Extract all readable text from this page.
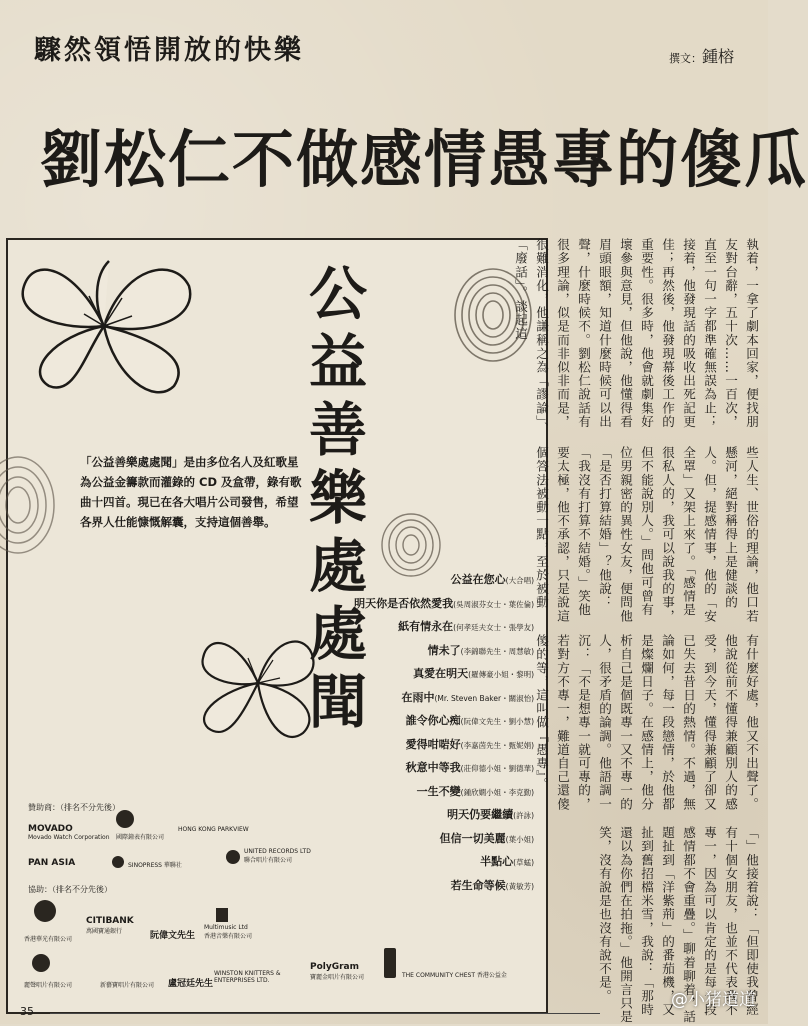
驟然領悟開放的快樂	撰文：鍾榕
劉松仁不做感情愚專的傻瓜
公
益
善
樂
處
處
聞
「公益善樂處處聞」是由多位名人及紅歌星為公益金籌款而灌錄的 CD 及盒帶，錄有歌曲十四首。現已在各大唱片公司發售，希望各界人仕能慷慨解囊，支持這個善舉。
公益在您心(大合唱)
明天你是否依然愛我(吳周淑芬女士・葉佐倫)
紙有情永在(何孝廷夫女士・張學友)
情未了(李錦聯先生・周慧敏)
真愛在明天(羅傳豪小姐・黎明)
在雨中(Mr. Steven Baker・關淑怡)
誰令你心痴(阮偉文先生・劉小慧)
愛得咁啱好(李嘉茵先生・甄妮娟)
秋意中等我(莊仰德小姐・劉德華)
一生不變(鍾欣嫺小姐・李克勤)
明天仍要繼續(許詠)
但信一切美麗(葉小姐)
半點心(草蜢)
若生命等候(黃敏芳)
贊助商：（排名不分先後）
MOVADO
Movado Watch Corporation 國際鐘表有限公司
HONG KONG PARKVIEW
PAN ASIA	SINOPRESS 華聯社
UNITED RECORDS LTD
聯合唱片有限公司
協助：（排名不分先後）
香港華光有限公司
CITIBANK
萬國寶通銀行	阮偉文先生
Multimusic Ltd
香港音樂有限公司
麗聲唱片有限公司	新藝寶唱片有限公司 盧冠廷先生
WINSTON KNITTERS & ENTERPRISES LTD.
PolyGram
寶麗金唱片有限公司	THE COMMUNITY CHEST 香港公益金
執着，一拿了劇本回家，便找朋友對台辭，五十次……一百次，直至一句一字都準確無誤為止；接着，他發現話的吸收出死記更佳；再然後，他發現幕後工作的重要性。很多時，他會就劇集好壞參與意見，但他說，他懂得看眉頭眼額，知道什麼時候可以出聲，什麼時候不。劉松仁說話有很多理論，似是而非似非而是，很難消化，他謙稱之為「謬論」、「廢話」。談起這
些人生、世俗的理論，他口若懸河，絕對稱得上是健談的人。但，提感情事，他的「安全罩」又架上來了。「感情是很私人的，我可以說我的事，但不能說別人。」問他可曾有位男親密的異性女友，便問他「是否打算結婚」？他說：「我沒有打算不結婚。」笑他要太極，他不承認，只是說這個答法被動一點，至於被動
有什麼好處，他又不出聲了。他說從前不懂得兼顧別人的感受，到今天，懂得兼顧了卻又已失去昔日的熱情。不過，無論如何，每一段戀情，於他都是燦爛日子。在感情上，他分析自己是個既專一又不專一的人，很矛盾的論調。他語調一沉：「不是想專一就可專的，若對方不專一，難道自己還傻傻的等，這叫做『愚專』。
「」他接着說：「但即使我曾經有十個女朋友，也並不代表我不專一，因為可以肯定的是每一段感情都不會重疊。」聊着聊着，話題扯到「洋紫荊」的番茄機，又扯到舊招檔米雪，我說：「那時還以為你們在拍拖。」他開言只是笑，沒有說是也沒有說不是。
35
@小猪道道
